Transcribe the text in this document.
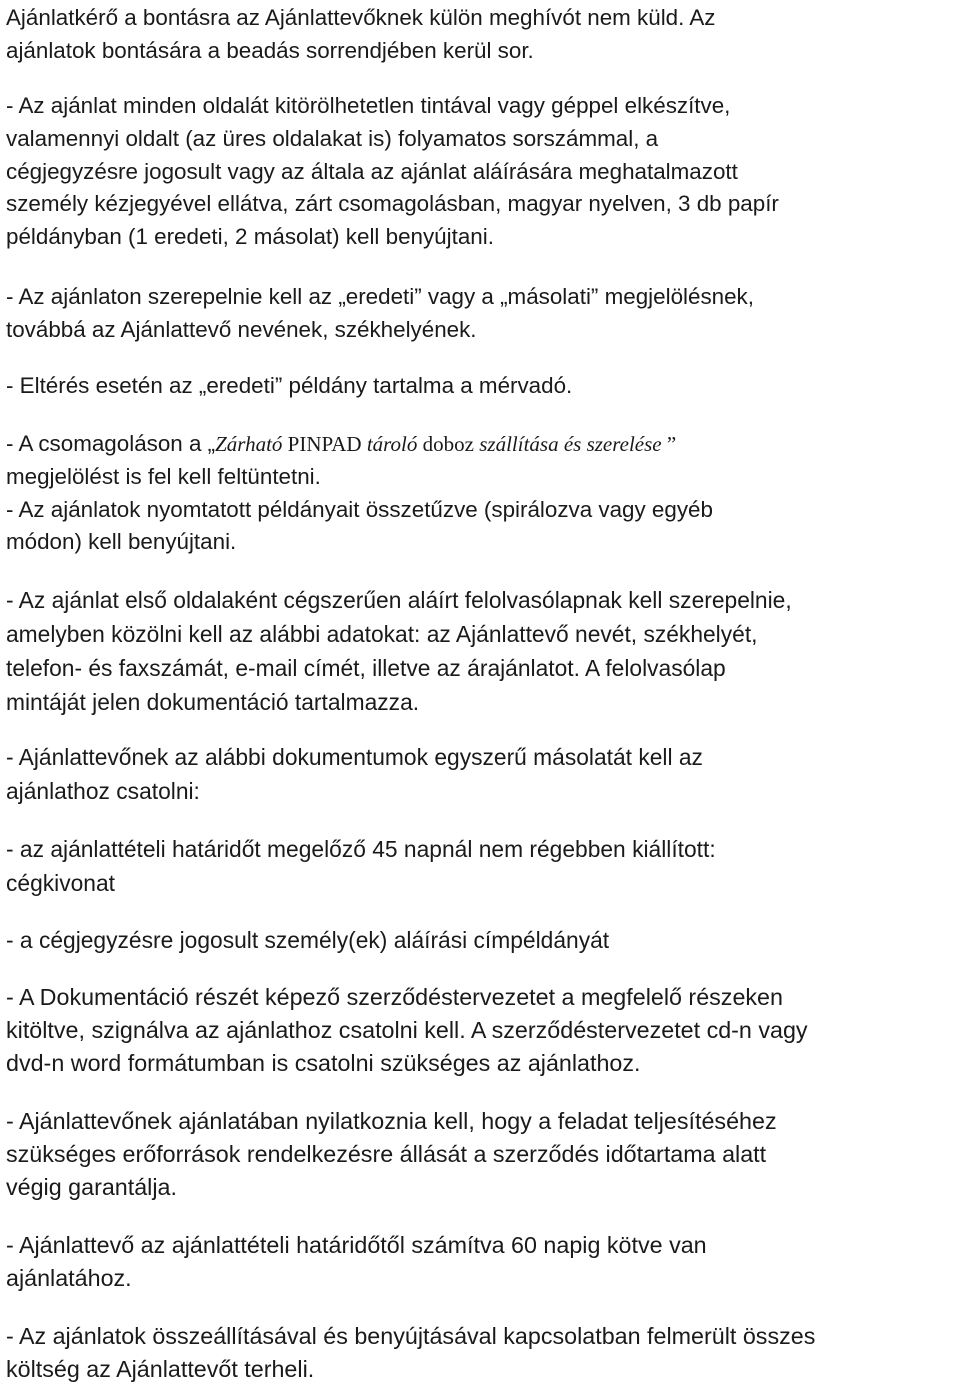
Ajánlatkérő a bontásra az Ajánlattevőknek külön meghívót nem küld. Az
ajánlatok bontására a beadás sorrendjében kerül sor.

- Az ajánlat minden oldalát kitörölhetetlen tintával vagy géppel elkészítve,
valamennyi oldalt (az üres oldalakat is) folyamatos sorszámmal, a
cégjegyzésre jogosult vagy az általa az ajánlat aláírására meghatalmazott
személy kézjegyével ellátva, zárt csomagolásban, magyar nyelven, 3 db papír
példányban (1 eredeti, 2 másolat) kell benyújtani.

- Az ajánlaton szerepelnie kell az „eredeti” vagy a „másolati” megjelölésnek,
továbbá az Ajánlattevő nevének, székhelyének.

- Eltérés esetén az „eredeti” példány tartalma a mérvadó.

- A csomagoláson a „Zárható PINPAD tároló doboz szállítása és szerelése ”
megjelölést is fel kell feltüntetni.
- Az ajánlatok nyomtatott példányait összetűzve (spirálozva vagy egyéb
módon) kell benyújtani.

- Az ajánlat első oldalaként cégszerűen aláírt felolvasólapnak kell szerepelnie,
amelyben közölni kell az alábbi adatokat: az Ajánlattevő nevét, székhelyét,
telefon- és faxszámát, e-mail címét, illetve az árajánlatot. A felolvasólap
mintáját jelen dokumentáció tartalmazza.

- Ajánlattevőnek az alábbi dokumentumok egyszerű másolatát kell az
ajánlathoz csatolni:

- az ajánlattételi határidőt megelőző 45 napnál nem régebben kiállított:
cégkivonat

- a cégjegyzésre jogosult személy(ek) aláírási címpéldányát

- A Dokumentáció részét képező szerződéstervezetet a megfelelő részeken
kitöltve, szignálva az ajánlathoz csatolni kell. A szerződéstervezetet cd-n vagy
dvd-n word formátumban is csatolni szükséges az ajánlathoz.

- Ajánlattevőnek ajánlatában nyilatkoznia kell, hogy a feladat teljesítéséhez
szükséges erőforrások rendelkezésre állását a szerződés időtartama alatt
végig garantálja.

- Ajánlattevő az ajánlattételi határidőtől számítva 60 napig kötve van
ajánlatához.

- Az ajánlatok összeállításával és benyújtásával kapcsolatban felmerült összes
költség az Ajánlattevőt terheli.
